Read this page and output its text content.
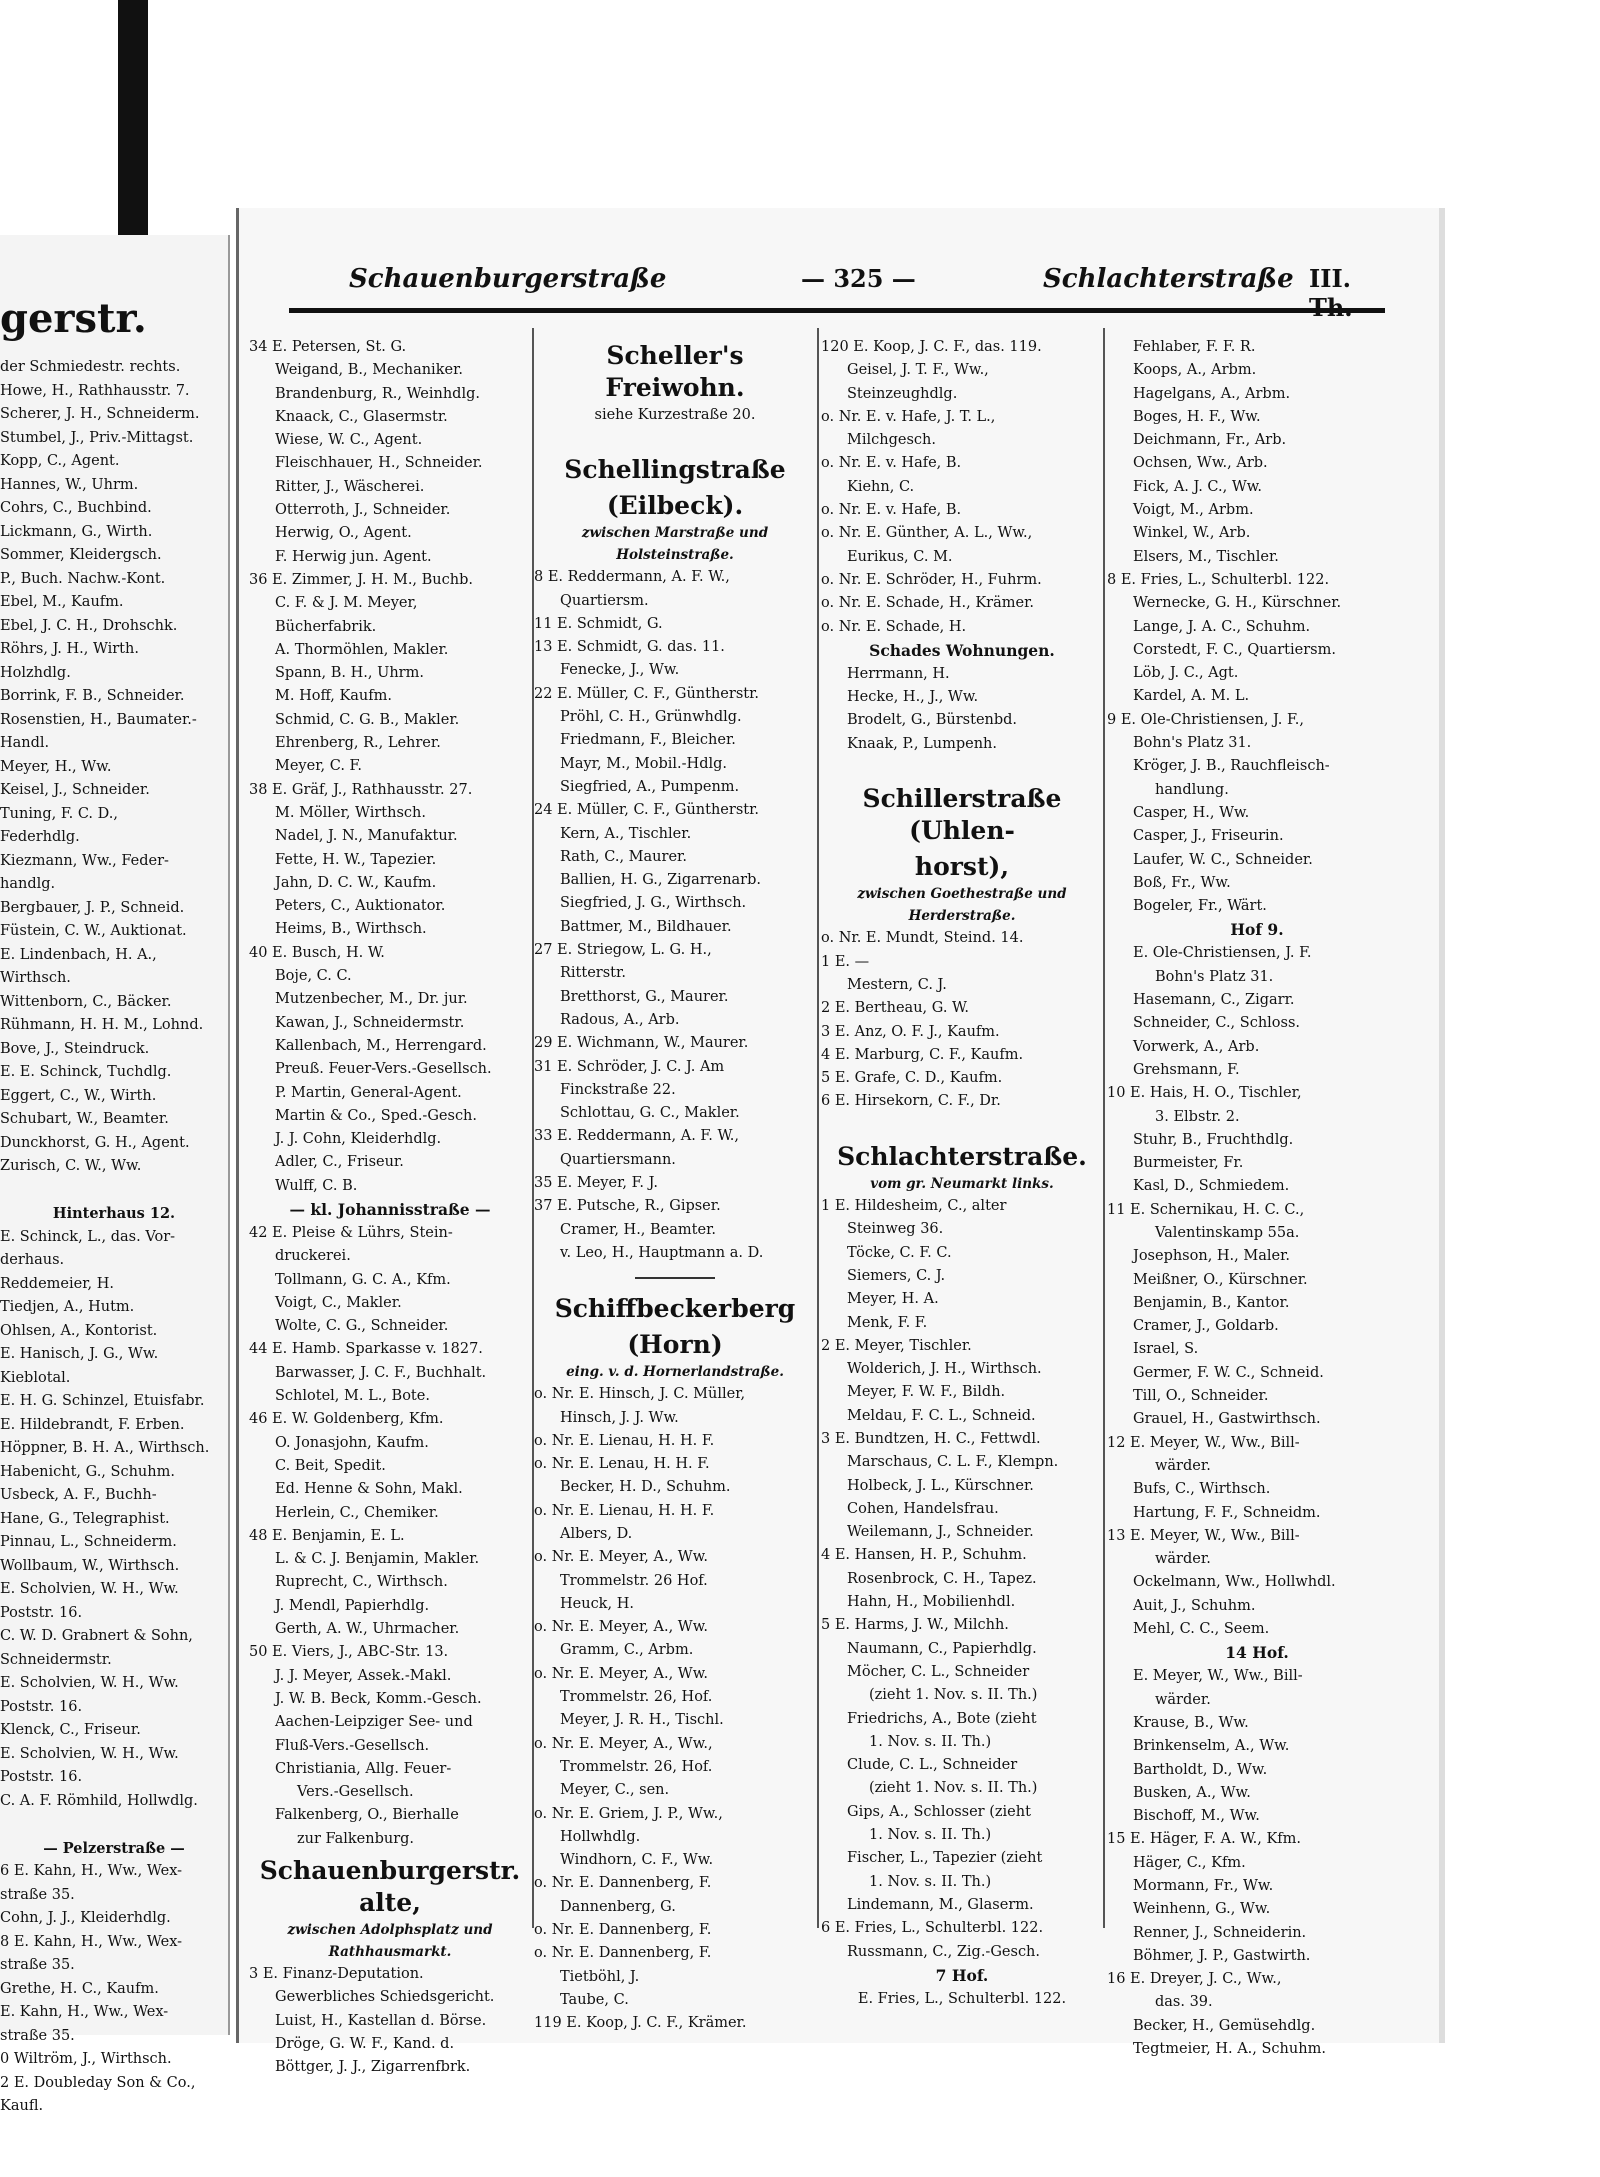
gerstr.
der Schmiedestr. rechts.
Howe, H., Rathhausstr. 7.
Scherer, J. H., Schneiderm.
Stumbel, J., Priv.-Mittagst.
Kopp, C., Agent.
Hannes, W., Uhrm.
Cohrs, C., Buchbind.
Lickmann, G., Wirth.
Sommer, Kleidergsch.
P., Buch. Nachw.-Kont.
Ebel, M., Kaufm.
Ebel, J. C. H., Drohschk.
Röhrs, J. H., Wirth.
Holzhdlg.
Borrink, F. B., Schneider.
Rosenstien, H., Baumater.-
Handl.
Meyer, H., Ww.
Keisel, J., Schneider.
Tuning, F. C. D.,
Federhdlg.
Kiezmann, Ww., Feder-
handlg.
Bergbauer, J. P., Schneid.
Füstein, C. W., Auktionat.
E. Lindenbach, H. A.,
Wirthsch.
Wittenborn, C., Bäcker.
Rühmann, H. H. M., Lohnd.
Bove, J., Steindruck.
E. E. Schinck, Tuchdlg.
Eggert, C., W., Wirth.
Schubart, W., Beamter.
Dunckhorst, G. H., Agent.
Zurisch, C. W., Ww.

Hinterhaus 12.
E. Schinck, L., das. Vor-
derhaus.
Reddemeier, H.
Tiedjen, A., Hutm.
Ohlsen, A., Kontorist.
E. Hanisch, J. G., Ww.
Kieblotal.
E. H. G. Schinzel, Etuisfabr.
E. Hildebrandt, F. Erben.
Höppner, B. H. A., Wirthsch.
Habenicht, G., Schuhm.
Usbeck, A. F., Buchh-
Hane, G., Telegraphist.
Pinnau, L., Schneiderm.
Wollbaum, W., Wirthsch.
E. Scholvien, W. H., Ww.
Poststr. 16.
C. W. D. Grabnert & Sohn,
Schneidermstr.
E. Scholvien, W. H., Ww.
Poststr. 16.
Klenck, C., Friseur.
E. Scholvien, W. H., Ww.
Poststr. 16.
C. A. F. Römhild, Hollwdlg.

— Pelzerstraße —
6 E. Kahn, H., Ww., Wex-
straße 35.
Cohn, J. J., Kleiderhdlg.
8 E. Kahn, H., Ww., Wex-
straße 35.
Grethe, H. C., Kaufm.
E. Kahn, H., Ww., Wex-
straße 35.
0 Wiltröm, J., Wirthsch.
2 E. Doubleday Son & Co.,
Kaufl.
Schauenburgerstraße	— 325 —	Schlachterstraße III.
34 E. Petersen, St. G.
Weigand, B., Mechaniker.
Brandenburg, R., Weinhdlg.
Knaack, C., Glasermstr.
Wiese, W. C., Agent.
Fleischhauer, H., Schneider.
Ritter, J., Wäscherei.
Otterroth, J., Schneider.
Herwig, O., Agent.
F. Herwig jun. Agent.
36 E. Zimmer, J. H. M., Buchb.
C. F. & J. M. Meyer,
Bücherfabrik.
A. Thormöhlen, Makler.
Spann, B. H., Uhrm.
M. Hoff, Kaufm.
Schmid, C. G. B., Makler.
Ehrenberg, R., Lehrer.
Meyer, C. F.
38 E. Gräf, J., Rathhausstr. 27.
M. Möller, Wirthsch.
Nadel, J. N., Manufaktur.
Fette, H. W., Tapezier.
Jahn, D. C. W., Kaufm.
Peters, C., Auktionator.
Heims, B., Wirthsch.
40 E. Busch, H. W.
Boje, C. C.
Mutzenbecher, M., Dr. jur.
Kawan, J., Schneidermstr.
Kallenbach, M., Herrengard.
Preuß. Feuer-Vers.-Gesellsch.
P. Martin, General-Agent.
Martin & Co., Sped.-Gesch.
J. J. Cohn, Kleiderhdlg.
Adler, C., Friseur.
Wulff, C. B.
— kl. Johannisstraße —
42 E. Pleise & Lührs, Stein-
druckerei.
Tollmann, G. C. A., Kfm.
Voigt, C., Makler.
Wolte, C. G., Schneider.
44 E. Hamb. Sparkasse v. 1827.
Barwasser, J. C. F., Buchhalt.
Schlotel, M. L., Bote.
46 E. W. Goldenberg, Kfm.
O. Jonasjohn, Kaufm.
C. Beit, Spedit.
Ed. Henne & Sohn, Makl.
Herlein, C., Chemiker.
48 E. Benjamin, E. L.
L. & C. J. Benjamin, Makler.
Ruprecht, C., Wirthsch.
J. Mendl, Papierhdlg.
Gerth, A. W., Uhrmacher.
50 E. Viers, J., ABC-Str. 13.
J. J. Meyer, Assek.-Makl.
J. W. B. Beck, Komm.-Gesch.
Aachen-Leipziger See- und
Fluß-Vers.-Gesellsch.
Christiania, Allg. Feuer-
Vers.-Gesellsch.
Falkenberg, O., Bierhalle
zur Falkenburg.
Schauenburgerstr. alte,
zwischen Adolphsplatz und
Rathhausmarkt.
3 E. Finanz-Deputation.
Gewerbliches Schiedsgericht.
Luist, H., Kastellan d. Börse.
Dröge, G. W. F., Kand. d.
Böttger, J. J., Zigarrenfbrk.
Scheller's Freiwohn.
siehe Kurzestraße 20.

Schellingstraße
(Eilbeck).
zwischen Marstraße und
Holsteinstraße.
8 E. Reddermann, A. F. W.,
Quartiersm.
11 E. Schmidt, G.
13 E. Schmidt, G. das. 11.
Fenecke, J., Ww.
22 E. Müller, C. F., Güntherstr.
Pröhl, C. H., Grünwhdlg.
Friedmann, F., Bleicher.
Mayr, M., Mobil.-Hdlg.
Siegfried, A., Pumpenm.
24 E. Müller, C. F., Güntherstr.
Kern, A., Tischler.
Rath, C., Maurer.
Ballien, H. G., Zigarrenarb.
Siegfried, J. G., Wirthsch.
Battmer, M., Bildhauer.
27 E. Striegow, L. G. H.,
Ritterstr.
Bretthorst, G., Maurer.
Radous, A., Arb.
29 E. Wichmann, W., Maurer.
31 E. Schröder, J. C. J. Am
Finckstraße 22.
Schlottau, G. C., Makler.
33 E. Reddermann, A. F. W.,
Quartiersmann.
35 E. Meyer, F. J.
37 E. Putsche, R., Gipser.
Cramer, H., Beamter.
v. Leo, H., Hauptmann a. D.
Schiffbeckerberg
(Horn)
eing. v. d. Hornerlandstraße.
o. Nr. E. Hinsch, J. C. Müller,
Hinsch, J. J. Ww.
o. Nr. E. Lienau, H. H. F.
o. Nr. E. Lenau, H. H. F.
Becker, H. D., Schuhm.
o. Nr. E. Lienau, H. H. F.
Albers, D.
o. Nr. E. Meyer, A., Ww.
Trommelstr. 26 Hof.
Heuck, H.
o. Nr. E. Meyer, A., Ww.
Gramm, C., Arbm.
o. Nr. E. Meyer, A., Ww.
Trommelstr. 26, Hof.
Meyer, J. R. H., Tischl.
o. Nr. E. Meyer, A., Ww.,
Trommelstr. 26, Hof.
Meyer, C., sen.
o. Nr. E. Griem, J. P., Ww.,
Hollwhdlg.
Windhorn, C. F., Ww.
o. Nr. E. Dannenberg, F.
Dannenberg, G.
o. Nr. E. Dannenberg, F.
o. Nr. E. Dannenberg, F.
Tietböhl, J.
Taube, C.
119 E. Koop, J. C. F., Krämer.
120 E. Koop, J. C. F., das. 119.
Geisel, J. T. F., Ww.,
Steinzeughdlg.
o. Nr. E. v. Hafe, J. T. L.,
Milchgesch.
o. Nr. E. v. Hafe, B.
Kiehn, C.
o. Nr. E. v. Hafe, B.
o. Nr. E. Günther, A. L., Ww.,
Eurikus, C. M.
o. Nr. E. Schröder, H., Fuhrm.
o. Nr. E. Schade, H., Krämer.
o. Nr. E. Schade, H.
Schades Wohnungen.
Herrmann, H.
Hecke, H., J., Ww.
Brodelt, G., Bürstenbd.
Knaak, P., Lumpenh.

Schillerstraße (Uhlen-
horst),
zwischen Goethestraße und
Herderstraße.
o. Nr. E. Mundt, Steind. 14.
1 E. —
Mestern, C. J.
2 E. Bertheau, G. W.
3 E. Anz, O. F. J., Kaufm.
4 E. Marburg, C. F., Kaufm.
5 E. Grafe, C. D., Kaufm.
6 E. Hirsekorn, C. F., Dr.

Schlachterstraße.
vom gr. Neumarkt links.
1 E. Hildesheim, C., alter
Steinweg 36.
Töcke, C. F. C.
Siemers, C. J.
Meyer, H. A.
Menk, F. F.
2 E. Meyer, Tischler.
Wolderich, J. H., Wirthsch.
Meyer, F. W. F., Bildh.
Meldau, F. C. L., Schneid.
3 E. Bundtzen, H. C., Fettwdl.
Marschaus, C. L. F., Klempn.
Holbeck, J. L., Kürschner.
Cohen, Handelsfrau.
Weilemann, J., Schneider.
4 E. Hansen, H. P., Schuhm.
Rosenbrock, C. H., Tapez.
Hahn, H., Mobilienhdl.
5 E. Harms, J. W., Milchh.
Naumann, C., Papierhdlg.
Möcher, C. L., Schneider
(zieht 1. Nov. s. II. Th.)
Friedrichs, A., Bote (zieht
1. Nov. s. II. Th.)
Clude, C. L., Schneider
(zieht 1. Nov. s. II. Th.)
Gips, A., Schlosser (zieht
1. Nov. s. II. Th.)
Fischer, L., Tapezier (zieht
1. Nov. s. II. Th.)
Lindemann, M., Glaserm.
6 E. Fries, L., Schulterbl. 122.
Russmann, C., Zig.-Gesch.
7 Hof.
E. Fries, L., Schulterbl. 122.
Fehlaber, F. F. R.
Koops, A., Arbm.
Hagelgans, A., Arbm.
Boges, H. F., Ww.
Deichmann, Fr., Arb.
Ochsen, Ww., Arb.
Fick, A. J. C., Ww.
Voigt, M., Arbm.
Winkel, W., Arb.
Elsers, M., Tischler.
8 E. Fries, L., Schulterbl. 122.
Wernecke, G. H., Kürschner.
Lange, J. A. C., Schuhm.
Corstedt, F. C., Quartiersm.
Löb, J. C., Agt.
Kardel, A. M. L.
9 E. Ole-Christiensen, J. F.,
Bohn's Platz 31.
Kröger, J. B., Rauchfleisch-
handlung.
Casper, H., Ww.
Casper, J., Friseurin.
Laufer, W. C., Schneider.
Boß, Fr., Ww.
Bogeler, Fr., Wärt.
Hof 9.
E. Ole-Christiensen, J. F.
Bohn's Platz 31.
Hasemann, C., Zigarr.
Schneider, C., Schloss.
Vorwerk, A., Arb.
Grehsmann, F.
10 E. Hais, H. O., Tischler,
3. Elbstr. 2.
Stuhr, B., Fruchthdlg.
Burmeister, Fr.
Kasl, D., Schmiedem.
11 E. Schernikau, H. C. C.,
Valentinskamp 55a.
Josephson, H., Maler.
Meißner, O., Kürschner.
Benjamin, B., Kantor.
Cramer, J., Goldarb.
Israel, S.
Germer, F. W. C., Schneid.
Till, O., Schneider.
Grauel, H., Gastwirthsch.
12 E. Meyer, W., Ww., Bill-
wärder.
Bufs, C., Wirthsch.
Hartung, F. F., Schneidm.
13 E. Meyer, W., Ww., Bill-
wärder.
Ockelmann, Ww., Hollwhdl.
Auit, J., Schuhm.
Mehl, C. C., Seem.
14 Hof.
E. Meyer, W., Ww., Bill-
wärder.
Krause, B., Ww.
Brinkenselm, A., Ww.
Bartholdt, D., Ww.
Busken, A., Ww.
Bischoff, M., Ww.
15 E. Häger, F. A. W., Kfm.
Häger, C., Kfm.
Mormann, Fr., Ww.
Weinhenn, G., Ww.
Renner, J., Schneiderin.
Böhmer, J. P., Gastwirth.
16 E. Dreyer, J. C., Ww.,
das. 39.
Becker, H., Gemüsehdlg.
Tegtmeier, H. A., Schuhm.
